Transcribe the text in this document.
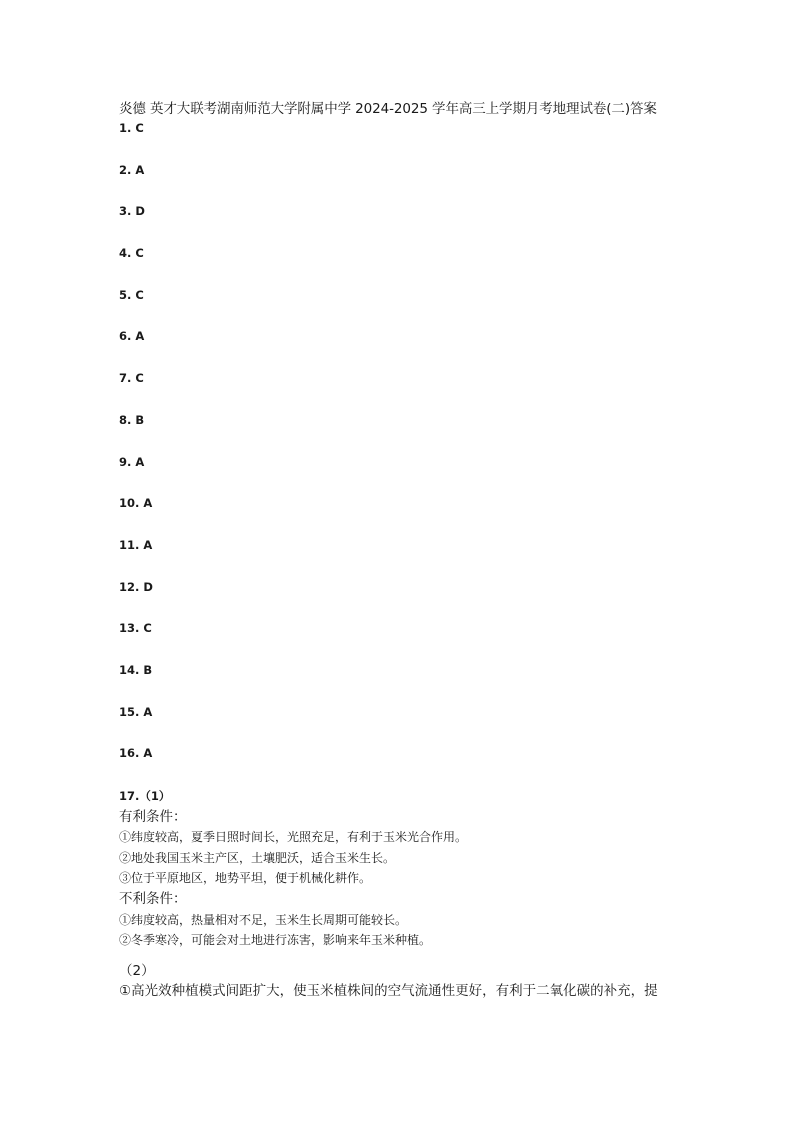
炎德 英才大联考湖南师范大学附属中学 2024-2025 学年高三上学期月考地理试卷(二)答案
1. C
2. A
3. D
4. C
5. C
6. A
7. C
8. B
9. A
10. A
11. A
12. D
13. C
14. B
15. A
16. A
17.（1）
有利条件：
①纬度较高，夏季日照时间长，光照充足，有利于玉米光合作用。
②地处我国玉米主产区，土壤肥沃，适合玉米生长。
③位于平原地区，地势平坦，便于机械化耕作。
不利条件：
①纬度较高，热量相对不足，玉米生长周期可能较长。
②冬季寒冷，可能会对土地进行冻害，影响来年玉米种植。
（2）
①高光效种植模式间距扩大，使玉米植株间的空气流通性更好，有利于二氧化碳的补充，提
